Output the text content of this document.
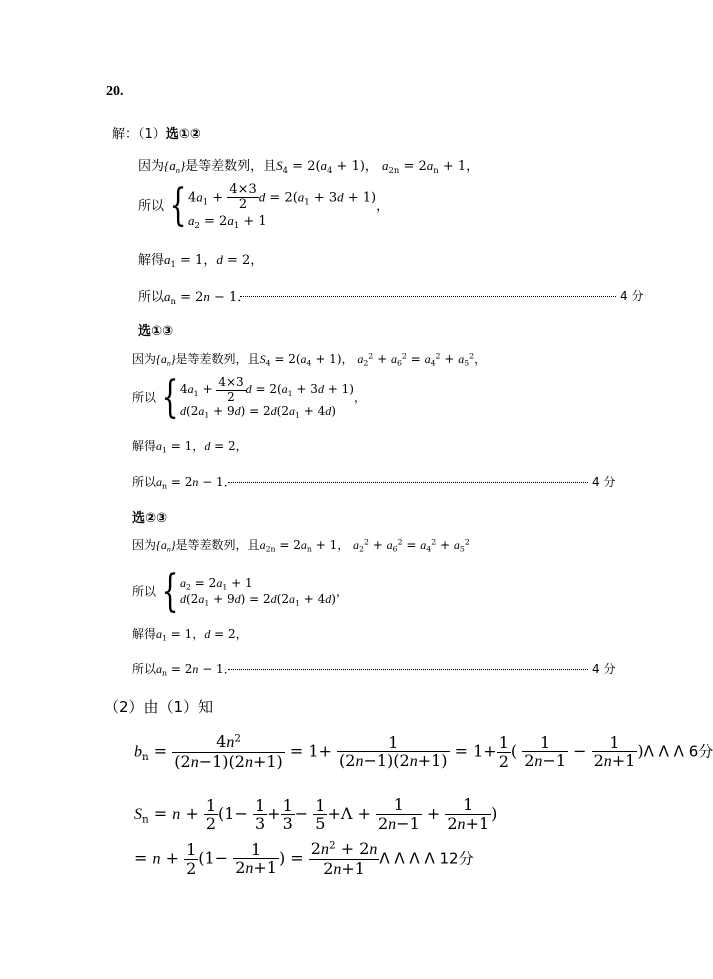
20.
解：（1）选①②
因为$\{a_n\}$是等差数列，且$S_4 = 2(a_4 + 1)$， $a_{2n} = 2a_n + 1$，
所以 { $4a_1 + \frac{4\times 3}{2}$ $d = 2(a_1 + 3d + 1)$
$a_2 = 2a_1 + 1$
，
解得$a_1 = 1$，d = 2，
所以$a_n = 2n - 1$．	4 分
选①③
因为$\{a_n\}$是等差数列，且$S_4 = 2(a_4 + 1)$， $a_2^2 + a_6^2 = a_4^2 + a_5^2$，
所以 { $4a_1 + \frac{4\times 3}{2}$ $d = 2(a_1 + 3d + 1)$
$d(2a_1 + 9d) = 2d(2a_1 + 4d)$
，
解得$a_1 = 1$，d = 2，
所以$a_n = 2n - 1$．	4 分
选②③
因为$\{a_n\}$是等差数列，且$a_{2n} = 2a_n + 1$， $a_2^2 + a_6^2 = a_4^2 + a_5^2$
所以 { $a_2 = 2a_1 + 1$
$d(2a_1 + 9d) = 2d(2a_1 + 4d)$
，
解得$a_1 = 1$，d = 2，
所以$a_n = 2n - 1$．	4 分
（2）由（1）知
$b_n = \frac{4n^2}{(2n-1)(2n+1)} = 1+ \frac{1}{(2n-1)(2n+1)} = 1+ \frac{1}{2}$ ( $\frac{1}{2n-1} - \frac{1}{2n+1} )\Lambda$ Λ Λ 6分
$S_n = n + \frac{1}{2} (1- \frac{1}{3} + \frac{1}{3} - \frac{1}{5} +\Lambda + \frac{1}{2n-1} + \frac{1}{2n+1}$ )
= $n + \frac{1}{2} (1- \frac{1}{2n+1}$ ) = $\frac{2n^2 + 2n}{2n+1}$ Λ Λ Λ Λ 12分
